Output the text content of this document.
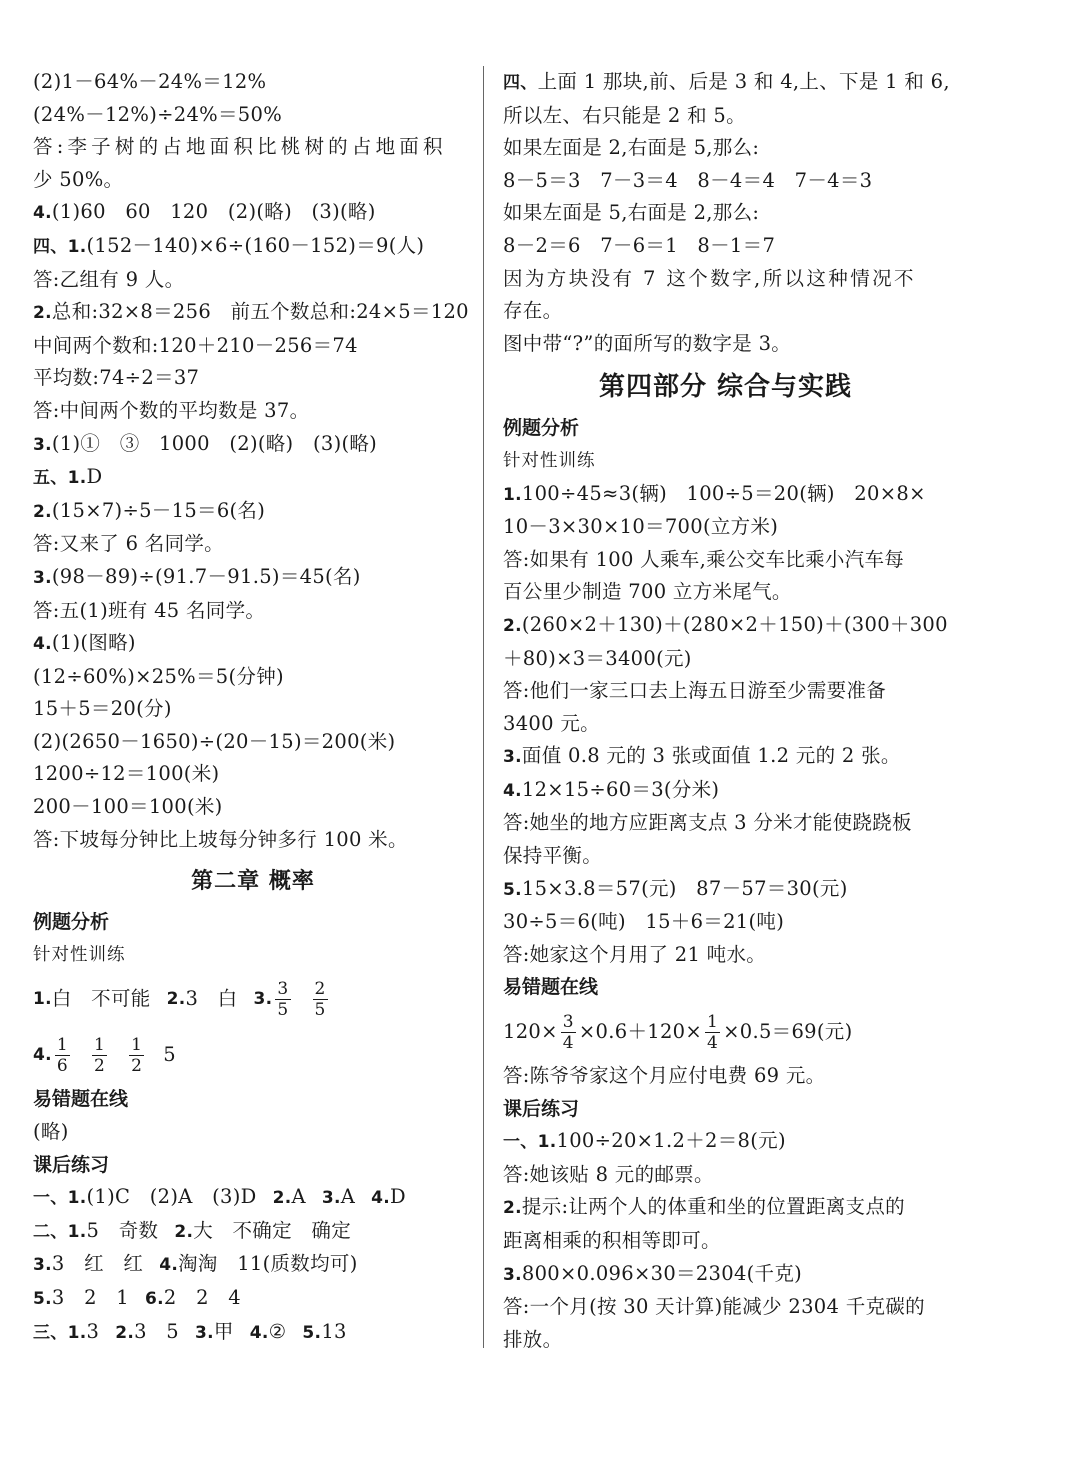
(2)1－64%－24%＝12%
(24%－12%)÷24%＝50%
答:李子树的占地面积比桃树的占地面积
少 50%。
4.(1)60   60   120   (2)(略)   (3)(略)
四、1.(152－140)×6÷(160－152)＝9(人)
答:乙组有 9 人。
2.总和:32×8＝256   前五个数总和:24×5＝120
中间两个数和:120＋210－256＝74
平均数:74÷2＝37
答:中间两个数的平均数是 37。
3.(1)①   ③   1000   (2)(略)   (3)(略)
五、1.D
2.(15×7)÷5－15＝6(名)
答:又来了 6 名同学。
3.(98－89)÷(91.7－91.5)＝45(名)
答:五(1)班有 45 名同学。
4.(1)(图略)
(12÷60%)×25%＝5(分钟)
15＋5＝20(分)
(2)(2650－1650)÷(20－15)＝200(米)
1200÷12＝100(米)
200－100＝100(米)
答:下坡每分钟比上坡每分钟多行 100 米。
第二章 概率
例题分析
针对性训练
1. 白   不可能 2. 3   白 3. $\frac{3}{5} \frac{2}{5}$
4. $\frac{1}{6} \frac{1}{2} \frac{1}{2} 5$
易错题在线
(略)
课后练习
一、1.(1)C   (2)A   (3)D 2.A 3.A 4.D
二、1.5   奇数 2.大   不确定   确定
3.3   红   红 4.淘淘   11(质数均可)
5.3   2   1 6.2   2   4
三、1.3 2.3   5 3.甲 4.② 5.13
四、上面 1 那块,前、后是 3 和 4,上、下是 1 和 6,
所以左、右只能是 2 和 5。
如果左面是 2,右面是 5,那么:
8－5＝3   7－3＝4   8－4＝4   7－4＝3
如果左面是 5,右面是 2,那么:
8－2＝6   7－6＝1   8－1＝7
因为方块没有 7 这个数字,所以这种情况不
存在。
图中带“?”的面所写的数字是 3。
第四部分 综合与实践
例题分析
针对性训练
1.100÷45≈3(辆)   100÷5＝20(辆)   20×8×
10－3×30×10＝700(立方米)
答:如果有 100 人乘车,乘公交车比乘小汽车每
百公里少制造 700 立方米尾气。
2.(260×2＋130)＋(280×2＋150)＋(300＋300
＋80)×3＝3400(元)
答:他们一家三口去上海五日游至少需要准备
3400 元。
3.面值 0.8 元的 3 张或面值 1.2 元的 2 张。
4.12×15÷60＝3(分米)
答:她坐的地方应距离支点 3 分米才能使跷跷板
保持平衡。
5.15×3.8＝57(元)   87－57＝30(元)
30÷5＝6(吨)   15＋6＝21(吨)
答:她家这个月用了 21 吨水。
易错题在线
$120\times \frac{3}{4} \times 0.6+120\times \frac{1}{4} \times 0.5=69$(元)
答:陈爷爷家这个月应付电费 69 元。
课后练习
一、1.100÷20×1.2＋2＝8(元)
答:她该贴 8 元的邮票。
2.提示:让两个人的体重和坐的位置距离支点的
距离相乘的积相等即可。
3.800×0.096×30＝2304(千克)
答:一个月(按 30 天计算)能减少 2304 千克碳的
排放。
